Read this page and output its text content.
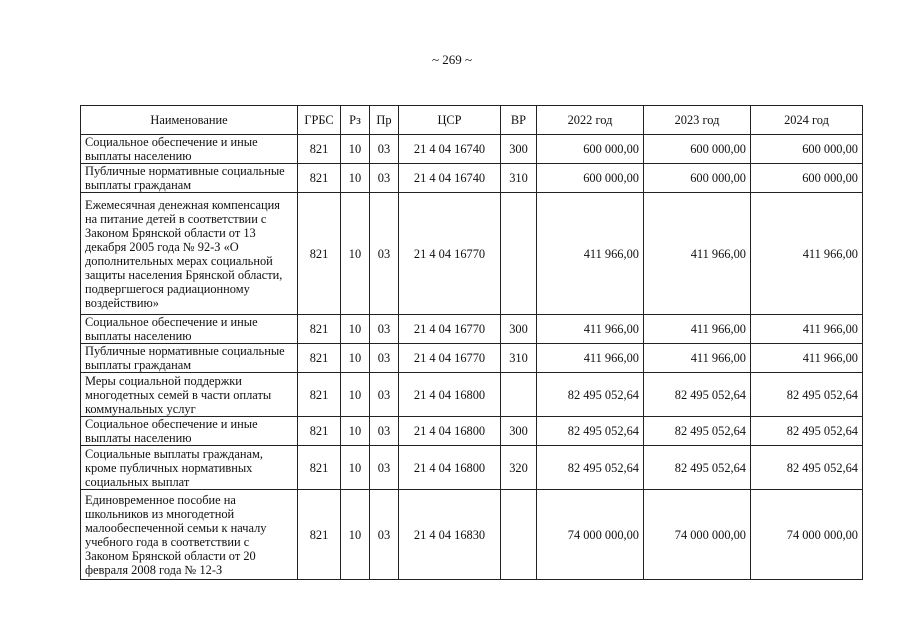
~ 269 ~
Наименование	ГРБС	Рз	Пр	ЦСР	ВР	2022 год	2023 год	2024 год
Социальное обеспечение и иные выплаты населению	821	10	03	21 4 04 16740	300	600 000,00	600 000,00	600 000,00
Публичные нормативные социальные выплаты гражданам	821	10	03	21 4 04 16740	310	600 000,00	600 000,00	600 000,00
Ежемесячная денежная компенсация на питание детей в соответствии с Законом Брянской области от 13 декабря 2005 года № 92-З «О дополнительных мерах социальной защиты населения Брянской области, подвергшегося радиационному воздействию»	821	10	03	21 4 04 16770		411 966,00	411 966,00	411 966,00
Социальное обеспечение и иные выплаты населению	821	10	03	21 4 04 16770	300	411 966,00	411 966,00	411 966,00
Публичные нормативные социальные выплаты гражданам	821	10	03	21 4 04 16770	310	411 966,00	411 966,00	411 966,00
Меры социальной поддержки многодетных семей в части оплаты коммунальных услуг	821	10	03	21 4 04 16800		82 495 052,64	82 495 052,64	82 495 052,64
Социальное обеспечение и иные выплаты населению	821	10	03	21 4 04 16800	300	82 495 052,64	82 495 052,64	82 495 052,64
Социальные выплаты гражданам, кроме публичных нормативных социальных выплат	821	10	03	21 4 04 16800	320	82 495 052,64	82 495 052,64	82 495 052,64
Единовременное пособие на школьников из многодетной малообеспеченной семьи к началу учебного года в соответствии с Законом Брянской области от 20 февраля 2008 года № 12-З	821	10	03	21 4 04 16830		74 000 000,00	74 000 000,00	74 000 000,00
